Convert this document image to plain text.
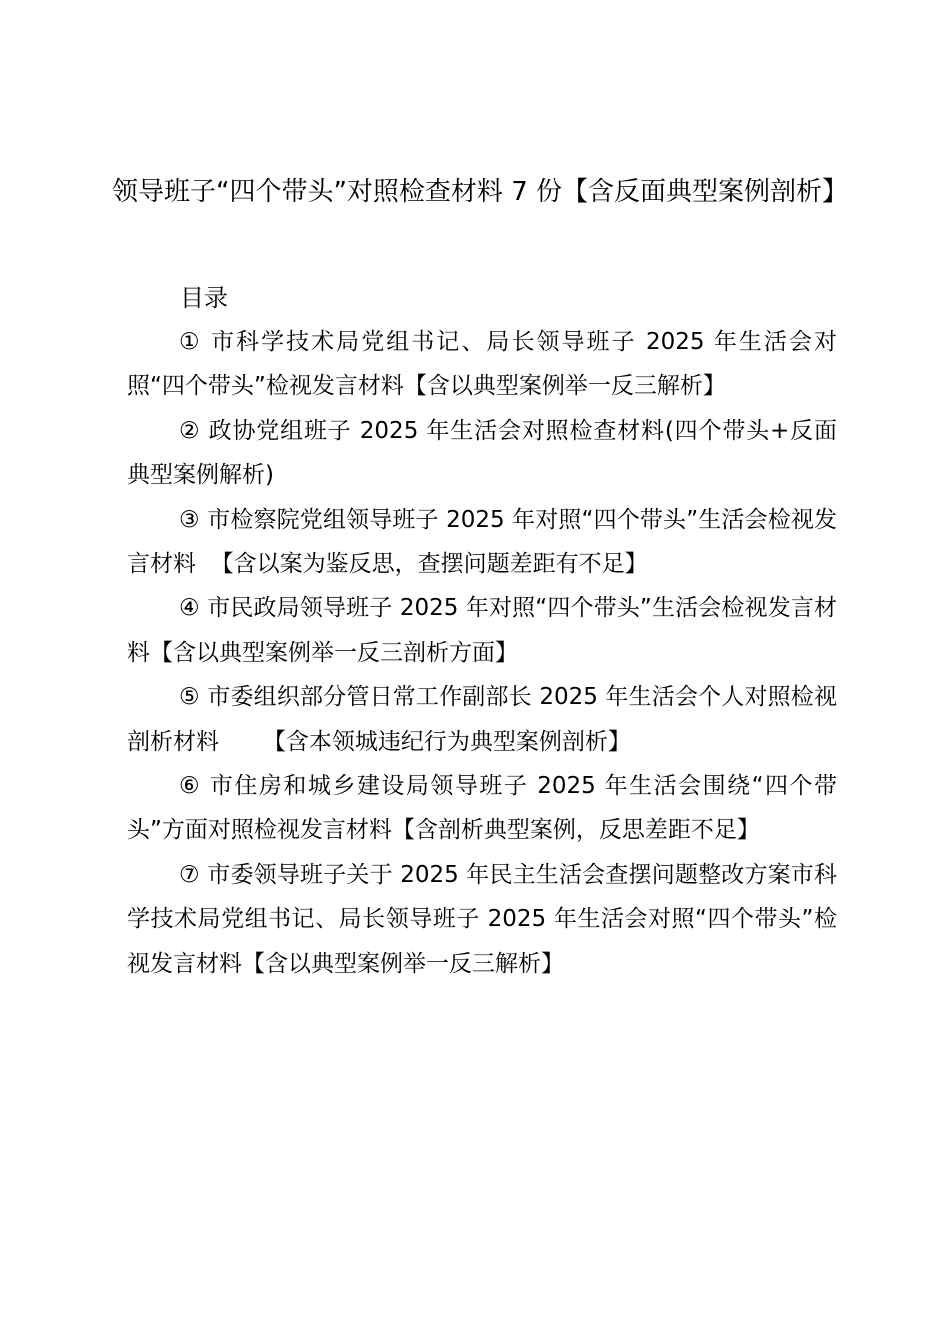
领导班子“四个带头”对照检查材料 7 份【含反面典型案例剖析】

目录

① 市科学技术局党组书记、局长领导班子 2025 年生活会对照“四个带头”检视发言材料【含以典型案例举一反三解析】
② 政协党组班子 2025 年生活会对照检查材料(四个带头+反面典型案例解析)
③ 市检察院党组领导班子 2025 年对照“四个带头”生活会检视发言材料  【含以案为鉴反思，查摆问题差距有不足】
④ 市民政局领导班子 2025 年对照“四个带头”生活会检视发言材料【含以典型案例举一反三剖析方面】
⑤ 市委组织部分管日常工作副部长 2025 年生活会个人对照检视剖析材料      【含本领城违纪行为典型案例剖析】
⑥ 市住房和城乡建设局领导班子 2025 年生活会围绕“四个带头”方面对照检视发言材料【含剖析典型案例，反思差距不足】
⑦ 市委领导班子关于 2025 年民主生活会查摆问题整改方案市科学技术局党组书记、局长领导班子 2025 年生活会对照“四个带头”检视发言材料【含以典型案例举一反三解析】
